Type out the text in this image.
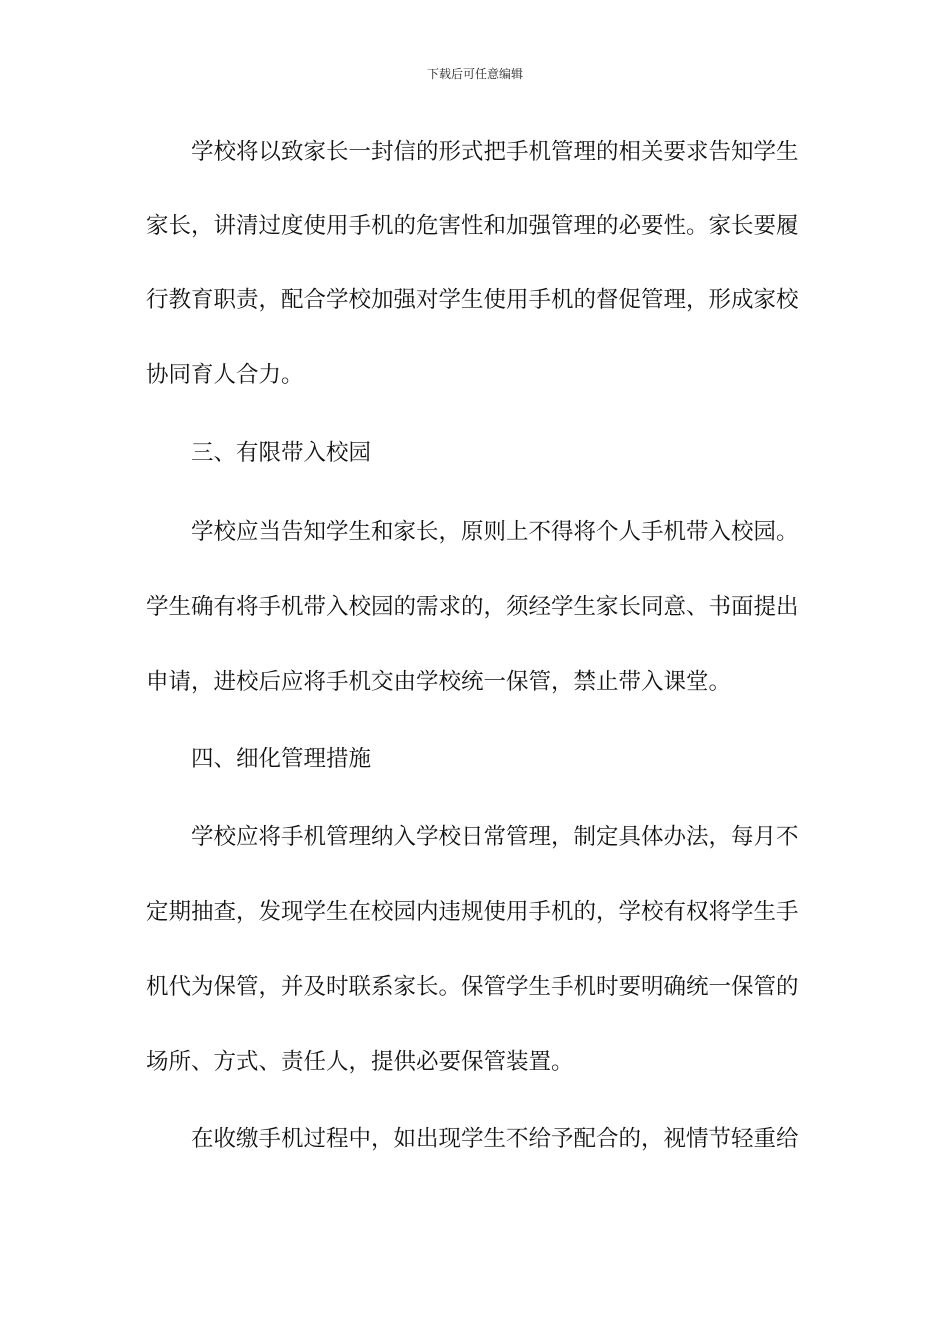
下载后可任意编辑
学校将以致家长一封信的形式把手机管理的相关要求告知学生
家长，讲清过度使用手机的危害性和加强管理的必要性。家长要履
行教育职责，配合学校加强对学生使用手机的督促管理，形成家校
协同育人合力。
三、有限带入校园
学校应当告知学生和家长，原则上不得将个人手机带入校园。
学生确有将手机带入校园的需求的，须经学生家长同意、书面提出
申请，进校后应将手机交由学校统一保管，禁止带入课堂。
四、细化管理措施
学校应将手机管理纳入学校日常管理，制定具体办法，每月不
定期抽查，发现学生在校园内违规使用手机的，学校有权将学生手
机代为保管，并及时联系家长。保管学生手机时要明确统一保管的
场所、方式、责任人，提供必要保管装置。
在收缴手机过程中，如出现学生不给予配合的，视情节轻重给
